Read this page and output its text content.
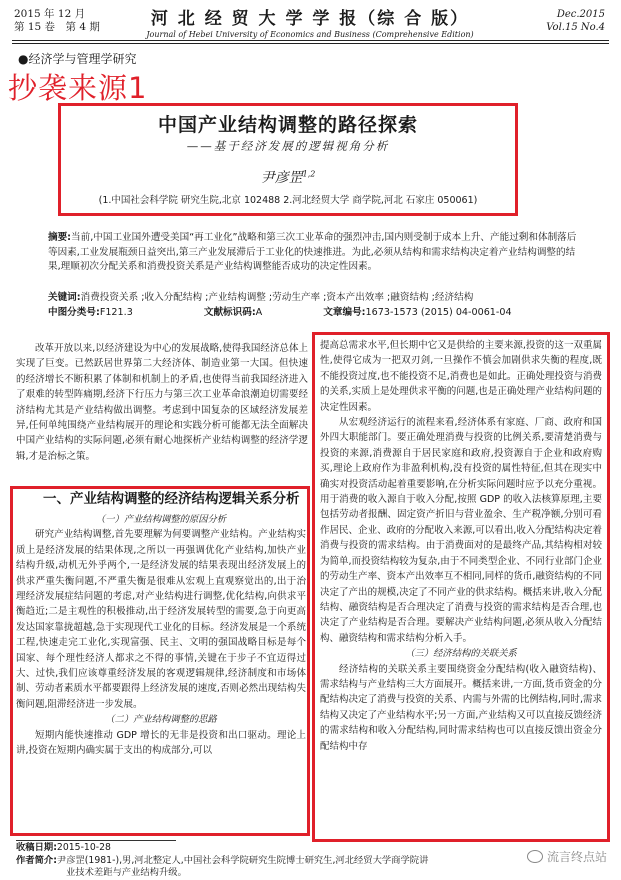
2015 年 12 月
第 15 卷　第 4 期	河 北 经 贸 大 学 学 报（综 合 版）
Journal of Hebei University of Economics and Business (Comprehensive Edition)
Dec.2015
Vol.15 No.4
●经济学与管理学研究
抄袭来源1
中国产业结构调整的路径探索
——基于经济发展的逻辑视角分析
尹彦罡$^{1,2}$
(1.中国社会科学院 研究生院,北京 102488 2.河北经贸大学 商学院,河北 石家庄 050061)

摘要:当前,中国工业国外遭受美国“再工业化”战略和第三次工业革命的强烈冲击,国内则受制于成本上升、产能过剩和体制落后等因素,工业发展瓶颈日益突出,第三产业发展滞后于工业化的快速推进。为此,必须从结构和需求结构决定着产业结构调整的结果,理顺初次分配关系和消费投资关系是产业结构调整能否成功的决定性因素。

关键词:消费投资关系 ;收入分配结构 ;产业结构调整 ;劳动生产率 ;资本产出效率 ;融资结构 ;经济结构
中图分类号:F121.3	文献标识码:A	文章编号:1673-1573 (2015) 04-0061-04

改革开放以来,以经济建设为中心的发展战略,使得我国经济总体上实现了巨变。已然跃居世界第二大经济体、制造业第一大国。但快速的经济增长不断积累了体制和机制上的矛盾,也使得当前我国经济进入了艰难的转型阵痛期,经济下行压力与第三次工业革命浪潮迫切需要经济结构尤其是产业结构做出调整。考虑到中国复杂的区域经济发展差异,任何单纯围绕产业结构展开的理论和实践分析可能都无法全面解决中国产业结构的实际问题,必须有耐心地探析产业结构调整的经济学逻辑,才是治标之策。

一、产业结构调整的经济结构逻辑关系分析

（一）产业结构调整的原因分析

研究产业结构调整,首先要理解为何要调整产业结构。产业结构实质上是经济发展的结果体现,之所以一再强调优化产业结构,加快产业结构升级,动机无外乎两个,一是经济发展的结果表现出经济发展上的供求严重失衡问题,不严重失衡是很难从宏观上直观察觉出的,出于治理经济发展症结问题的考虑,对产业结构进行调整,优化结构,向供求平衡趋近;二是主观性的积极推动,出于经济发展转型的需要,急于向更高发达国家靠拢超越,急于实现现代工业化的目标。经济发展是一个系统工程,快速走完工业化,实现富强、民主、文明的强国战略目标是每个国家、每个理性经济人都求之不得的事情,关键在于步子不宜迈得过大、过快,我们应该尊重经济发展的客观逻辑规律,经济制度和市场体制、劳动者素质水平都要跟得上经济发展的速度,否则必然出现结构失衡问题,阻滞经济进一步发展。

（二）产业结构调整的思路

短期内能快速推动 GDP 增长的无非是投资和出口驱动。理论上讲,投资在短期内确实属于支出的构成部分,可以

提高总需求水平,但长期中它又是供给的主要来源,投资的这一双重属性,使得它成为一把双刃剑,一旦操作不慎会加剧供求失衡的程度,既不能投资过度,也不能投资不足,消费也是如此。正确处理投资与消费的关系,实质上是处理供求平衡的问题,也是正确处理产业结构问题的决定性因素。

从宏观经济运行的流程来看,经济体系有家庭、厂商、政府和国外四大职能部门。要正确处理消费与投资的比例关系,要清楚消费与投资的来源,消费源自于居民家庭和政府,投资源自于企业和政府购买,理论上政府作为非盈利机构,没有投资的属性特征,但其在现实中确实对投资活动起着重要影响,在分析实际问题时应予以充分重视。用于消费的收入源自于收入分配,按照 GDP 的收入法核算原理,主要包括劳动者报酬、固定资产折旧与营业盈余、生产税净额,分别可看作居民、企业、政府的分配收入来源,可以看出,收入分配结构决定着消费与投资的需求结构。由于消费面对的是最终产品,其结构相对较为简单,而投资结构较为复杂,由于不同类型企业、不同行业部门企业的劳动生产率、资本产出效率互不相同,同样的货币,融资结构的不同决定了产出的规模,决定了不同产业的供求结构。概括来讲,收入分配结构、融资结构是否合理决定了消费与投资的需求结构是否合理,也决定了产业结构是否合理。要解决产业结构问题,必须从收入分配结构、融资结构和需求结构分析入手。

（三）经济结构的关联关系

经济结构的关联关系主要围绕资金分配结构(收入融资结构)、需求结构与产业结构三大方面展开。概括来讲,一方面,货币资金的分配结构决定了消费与投资的关系、内需与外需的比例结构,同时,需求结构又决定了产业结构水平;另一方面,产业结构又可以直接反馈经济的需求结构和收入分配结构,同时需求结构也可以直接反馈出资金分配结构中存

收稿日期:2015-10-28

作者简介:尹彦罡(1981-),男,河北整定人,中国社会科学院研究生院博士研究生,河北经贸大学商学院讲

业技术差距与产业结构升级。

流言终点站
